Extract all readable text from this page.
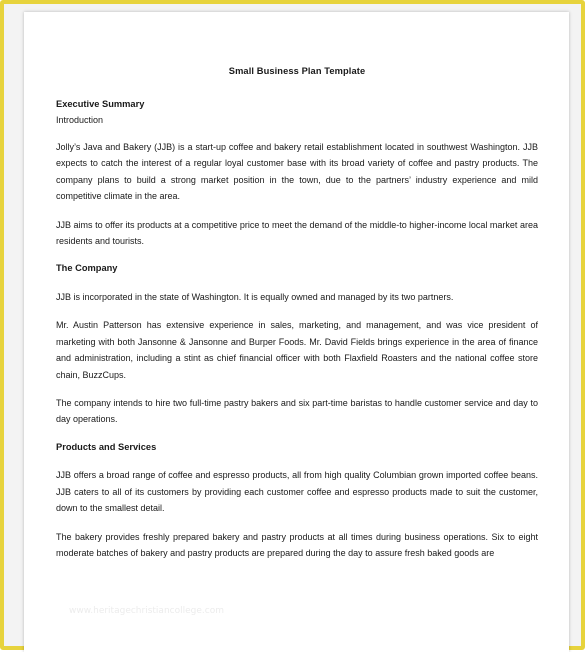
Small Business Plan Template
Executive Summary
Introduction

Jolly’s Java and Bakery (JJB) is a start-up coffee and bakery retail establishment located in southwest Washington. JJB expects to catch the interest of a regular loyal customer base with its broad variety of coffee and pastry products. The company plans to build a strong market position in the town, due to the partners’ industry experience and mild competitive climate in the area.

JJB aims to offer its products at a competitive price to meet the demand of the middle-to higher-income local market area residents and tourists.

The Company

JJB is incorporated in the state of Washington. It is equally owned and managed by its two partners.

Mr. Austin Patterson has extensive experience in sales, marketing, and management, and was vice president of marketing with both Jansonne & Jansonne and Burper Foods. Mr. David Fields brings experience in the area of finance and administration, including a stint as chief financial officer with both Flaxfield Roasters and the national coffee store chain, BuzzCups.

The company intends to hire two full-time pastry bakers and six part-time baristas to handle customer service and day to day operations.

Products and Services

JJB offers a broad range of coffee and espresso products, all from high quality Columbian grown imported coffee beans. JJB caters to all of its customers by providing each customer coffee and espresso products made to suit the customer, down to the smallest detail.

The bakery provides freshly prepared bakery and pastry products at all times during business operations. Six to eight moderate batches of bakery and pastry products are prepared during the day to assure fresh baked goods are

www.heritagechristiancollege.com
